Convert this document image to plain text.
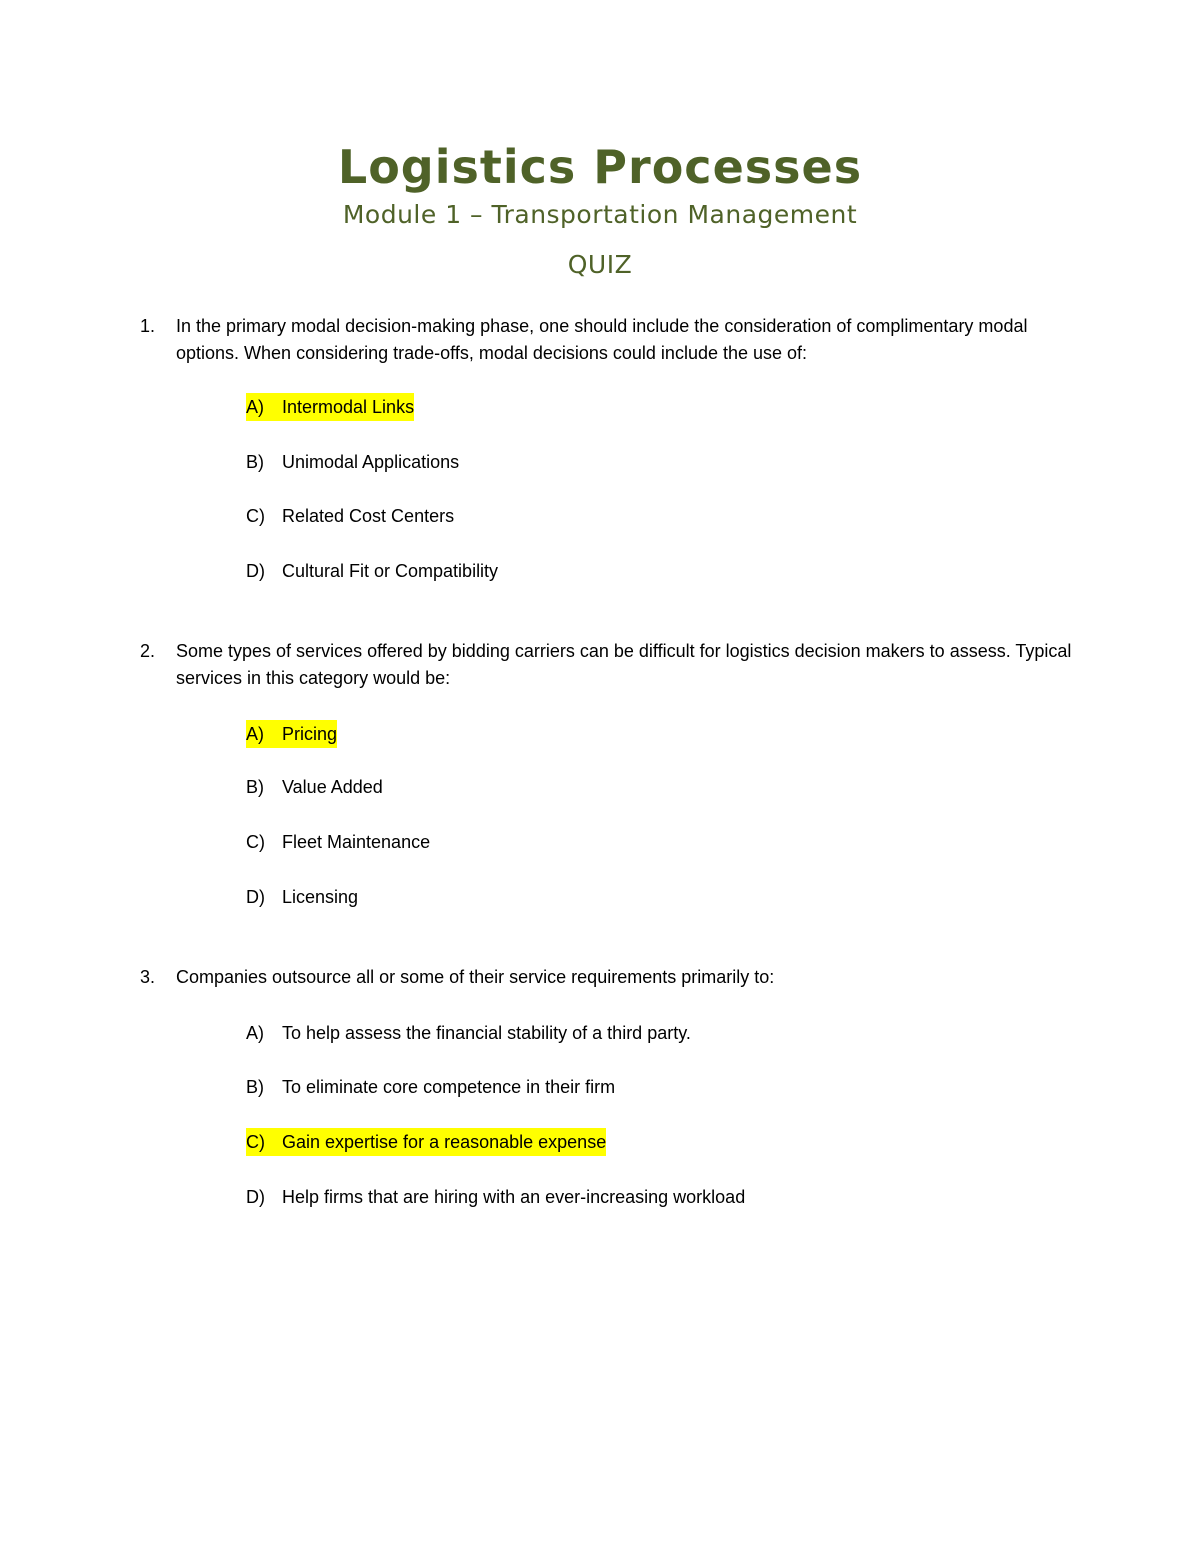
Logistics Processes
Module 1 – Transportation Management
QUIZ
1. In the primary modal decision-making phase, one should include the consideration of complimentary modal options. When considering trade-offs, modal decisions could include the use of:
A) Intermodal Links
B) Unimodal Applications
C) Related Cost Centers
D) Cultural Fit or Compatibility
2. Some types of services offered by bidding carriers can be difficult for logistics decision makers to assess. Typical services in this category would be:
A) Pricing
B) Value Added
C) Fleet Maintenance
D) Licensing
3. Companies outsource all or some of their service requirements primarily to:
A) To help assess the financial stability of a third party.
B) To eliminate core competence in their firm
C) Gain expertise for a reasonable expense
D) Help firms that are hiring with an ever-increasing workload
